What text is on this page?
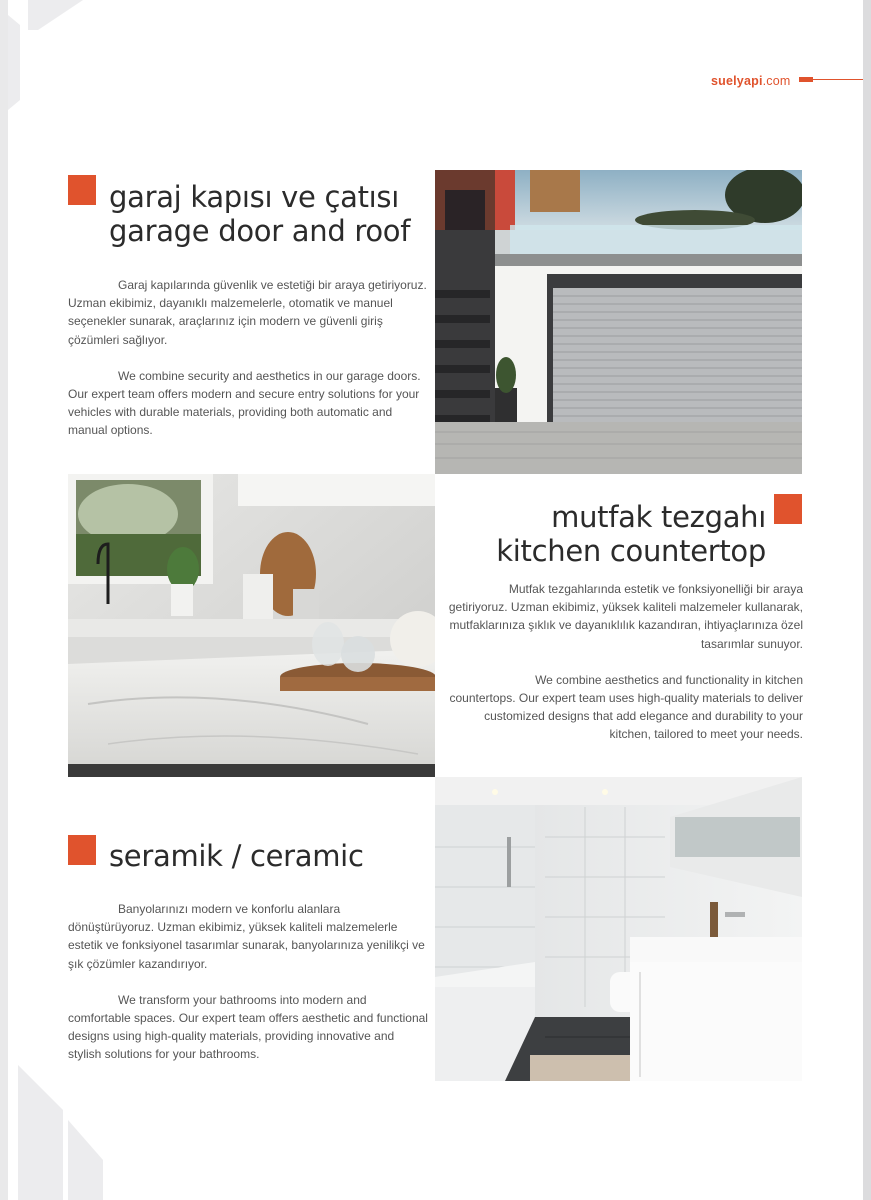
suelyapi.com
garaj kapısı ve çatısı
garage door and roof

Garaj kapılarında güvenlik ve estetiği bir araya getiriyoruz. Uzman ekibimiz, dayanıklı malzemelerle, otomatik ve manuel seçenekler sunarak, araçlarınız için modern ve güvenli giriş çözümleri sağlıyor.

We combine security and aesthetics in our garage doors. Our expert team offers modern and secure entry solutions for your vehicles with durable materials, providing both automatic and manual options.

mutfak tezgahı
kitchen countertop

Mutfak tezgahlarında estetik ve fonksiyonelliği bir araya getiriyoruz. Uzman ekibimiz, yüksek kaliteli malzemeler kullanarak, mutfaklarınıza şıklık ve dayanıklılık kazandıran, ihtiyaçlarınıza özel tasarımlar sunuyor.

We combine aesthetics and functionality in kitchen countertops. Our expert team uses high-quality materials to deliver customized designs that add elegance and durability to your kitchen, tailored to meet your needs.

seramik / ceramic

Banyolarınızı modern ve konforlu alanlara dönüştürüyoruz. Uzman ekibimiz, yüksek kaliteli malzemelerle estetik ve fonksiyonel tasarımlar sunarak, banyolarınıza yenilikçi ve şık çözümler kazandırıyor.

We transform your bathrooms into modern and comfortable spaces. Our expert team offers aesthetic and functional designs using high-quality materials, providing innovative and stylish solutions for your bathrooms.
